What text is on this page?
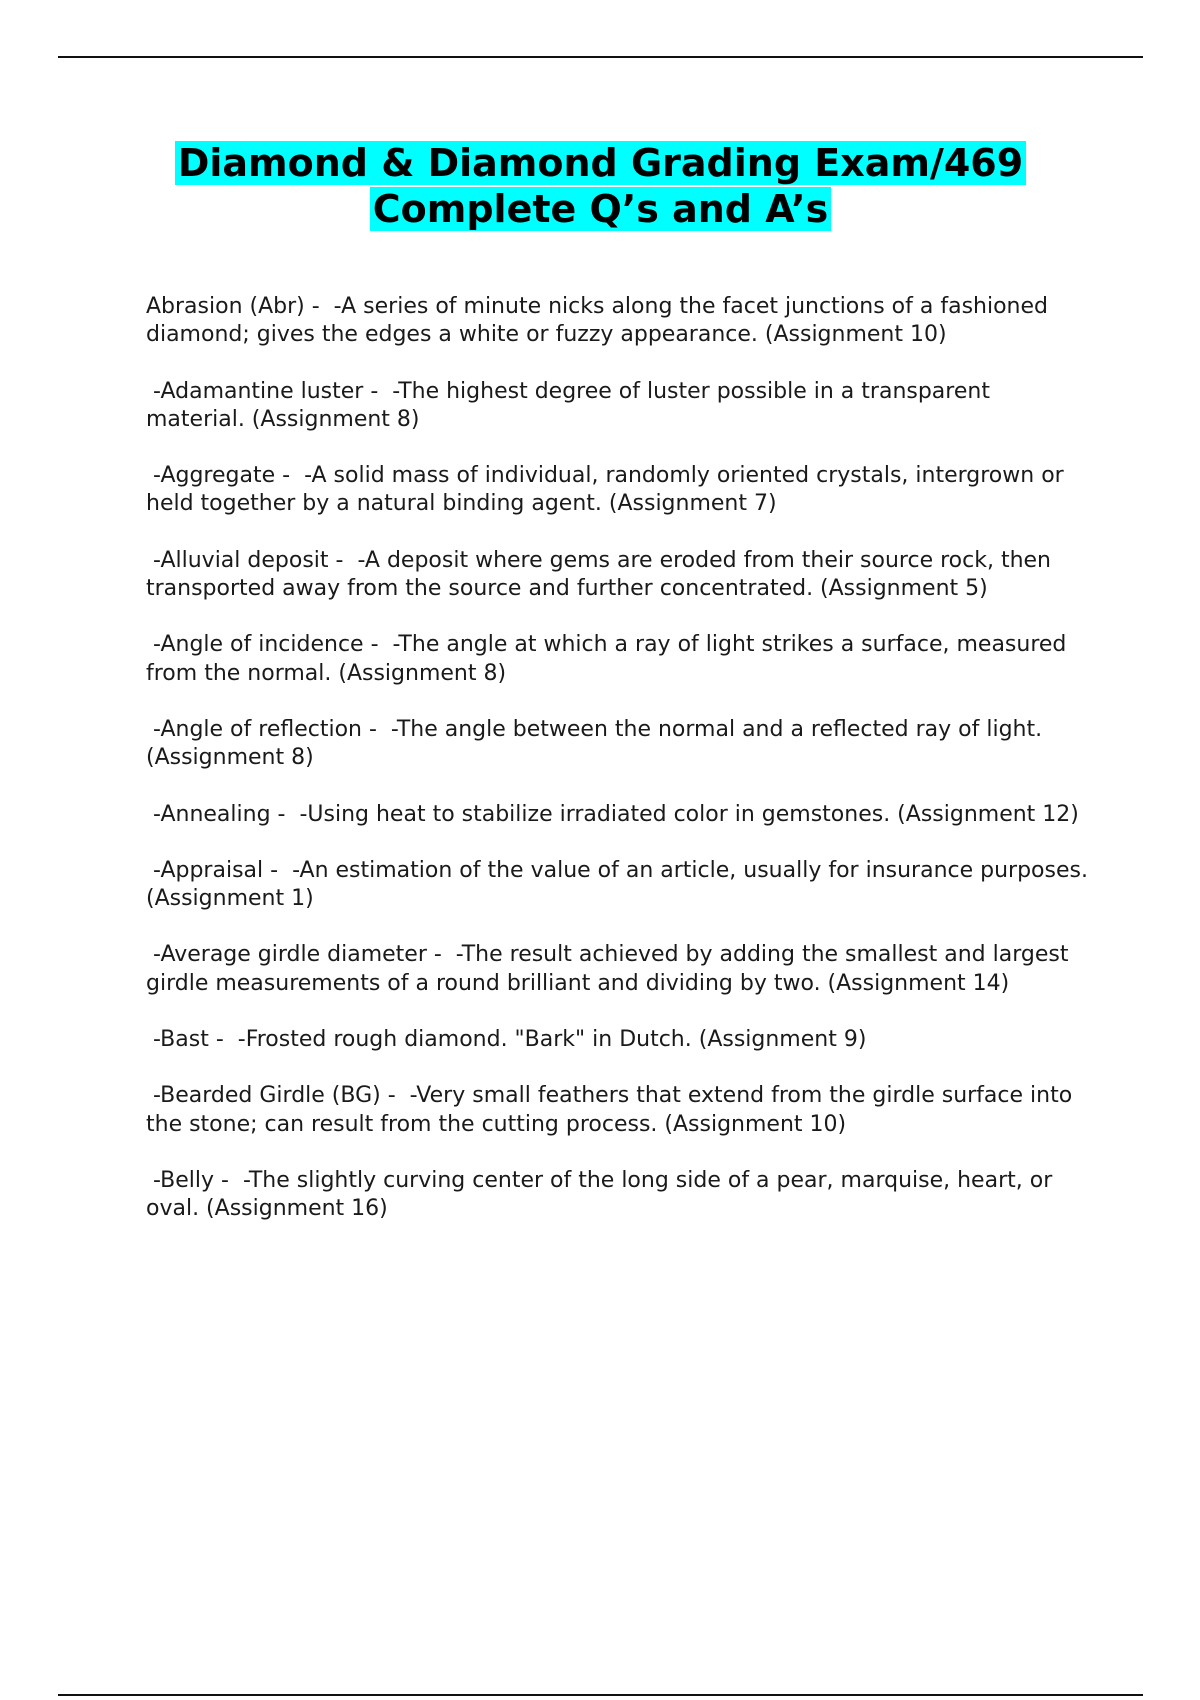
Diamond & Diamond Grading Exam/469
Complete Q’s and A’s

Abrasion (Abr) -  -A series of minute nicks along the facet junctions of a fashioned diamond; gives the edges a white or fuzzy appearance. (Assignment 10)

-Adamantine luster -  -The highest degree of luster possible in a transparent material. (Assignment 8)

-Aggregate -  -A solid mass of individual, randomly oriented crystals, intergrown or held together by a natural binding agent. (Assignment 7)

-Alluvial deposit -  -A deposit where gems are eroded from their source rock, then transported away from the source and further concentrated. (Assignment 5)

-Angle of incidence -  -The angle at which a ray of light strikes a surface, measured from the normal. (Assignment 8)

-Angle of reflection -  -The angle between the normal and a reflected ray of light. (Assignment 8)

-Annealing -  -Using heat to stabilize irradiated color in gemstones. (Assignment 12)

-Appraisal -  -An estimation of the value of an article, usually for insurance purposes. (Assignment 1)

-Average girdle diameter -  -The result achieved by adding the smallest and largest girdle measurements of a round brilliant and dividing by two. (Assignment 14)

-Bast -  -Frosted rough diamond. "Bark" in Dutch. (Assignment 9)

-Bearded Girdle (BG) -  -Very small feathers that extend from the girdle surface into the stone; can result from the cutting process. (Assignment 10)

-Belly -  -The slightly curving center of the long side of a pear, marquise, heart, or oval. (Assignment 16)
